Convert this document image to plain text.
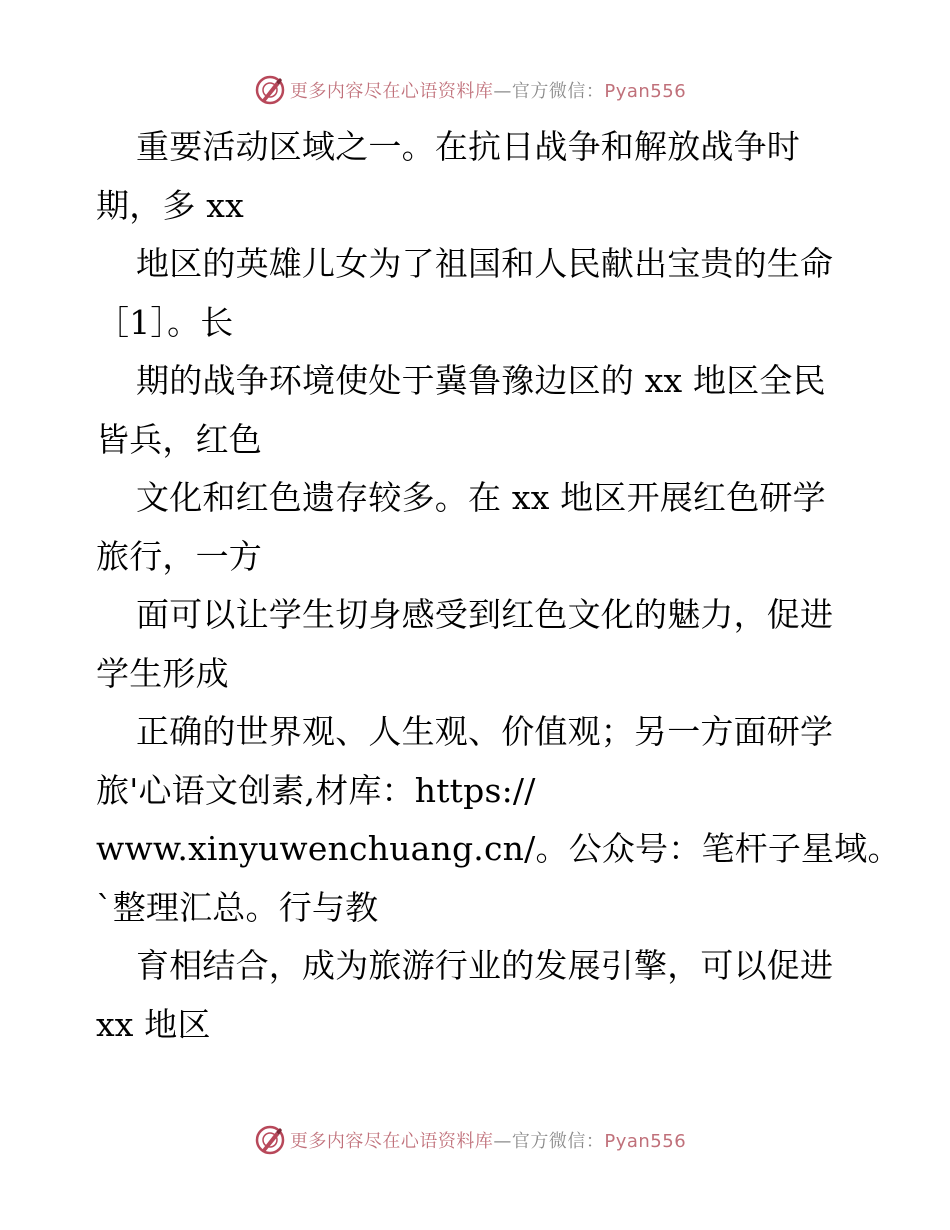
更多内容尽在心语资料库—官方微信：Pyan556

重要活动区域之一。在抗日战争和解放战争时
期，多 xx

地区的英雄儿女为了祖国和人民献出宝贵的生命
［1］。长

期的战争环境使处于冀鲁豫边区的 xx 地区全民
皆兵，红色

文化和红色遗存较多。在 xx 地区开展红色研学
旅行，一方

面可以让学生切身感受到红色文化的魅力，促进
学生形成

正确的世界观、人生观、价值观；另一方面研学
旅'心语文创素,材库：https://
www.xinyuwenchuang.cn/。公众号：笔杆子星域。
`整理汇总。行与教

育相结合，成为旅游行业的发展引擎，可以促进
xx 地区

更多内容尽在心语资料库—官方微信：Pyan556
